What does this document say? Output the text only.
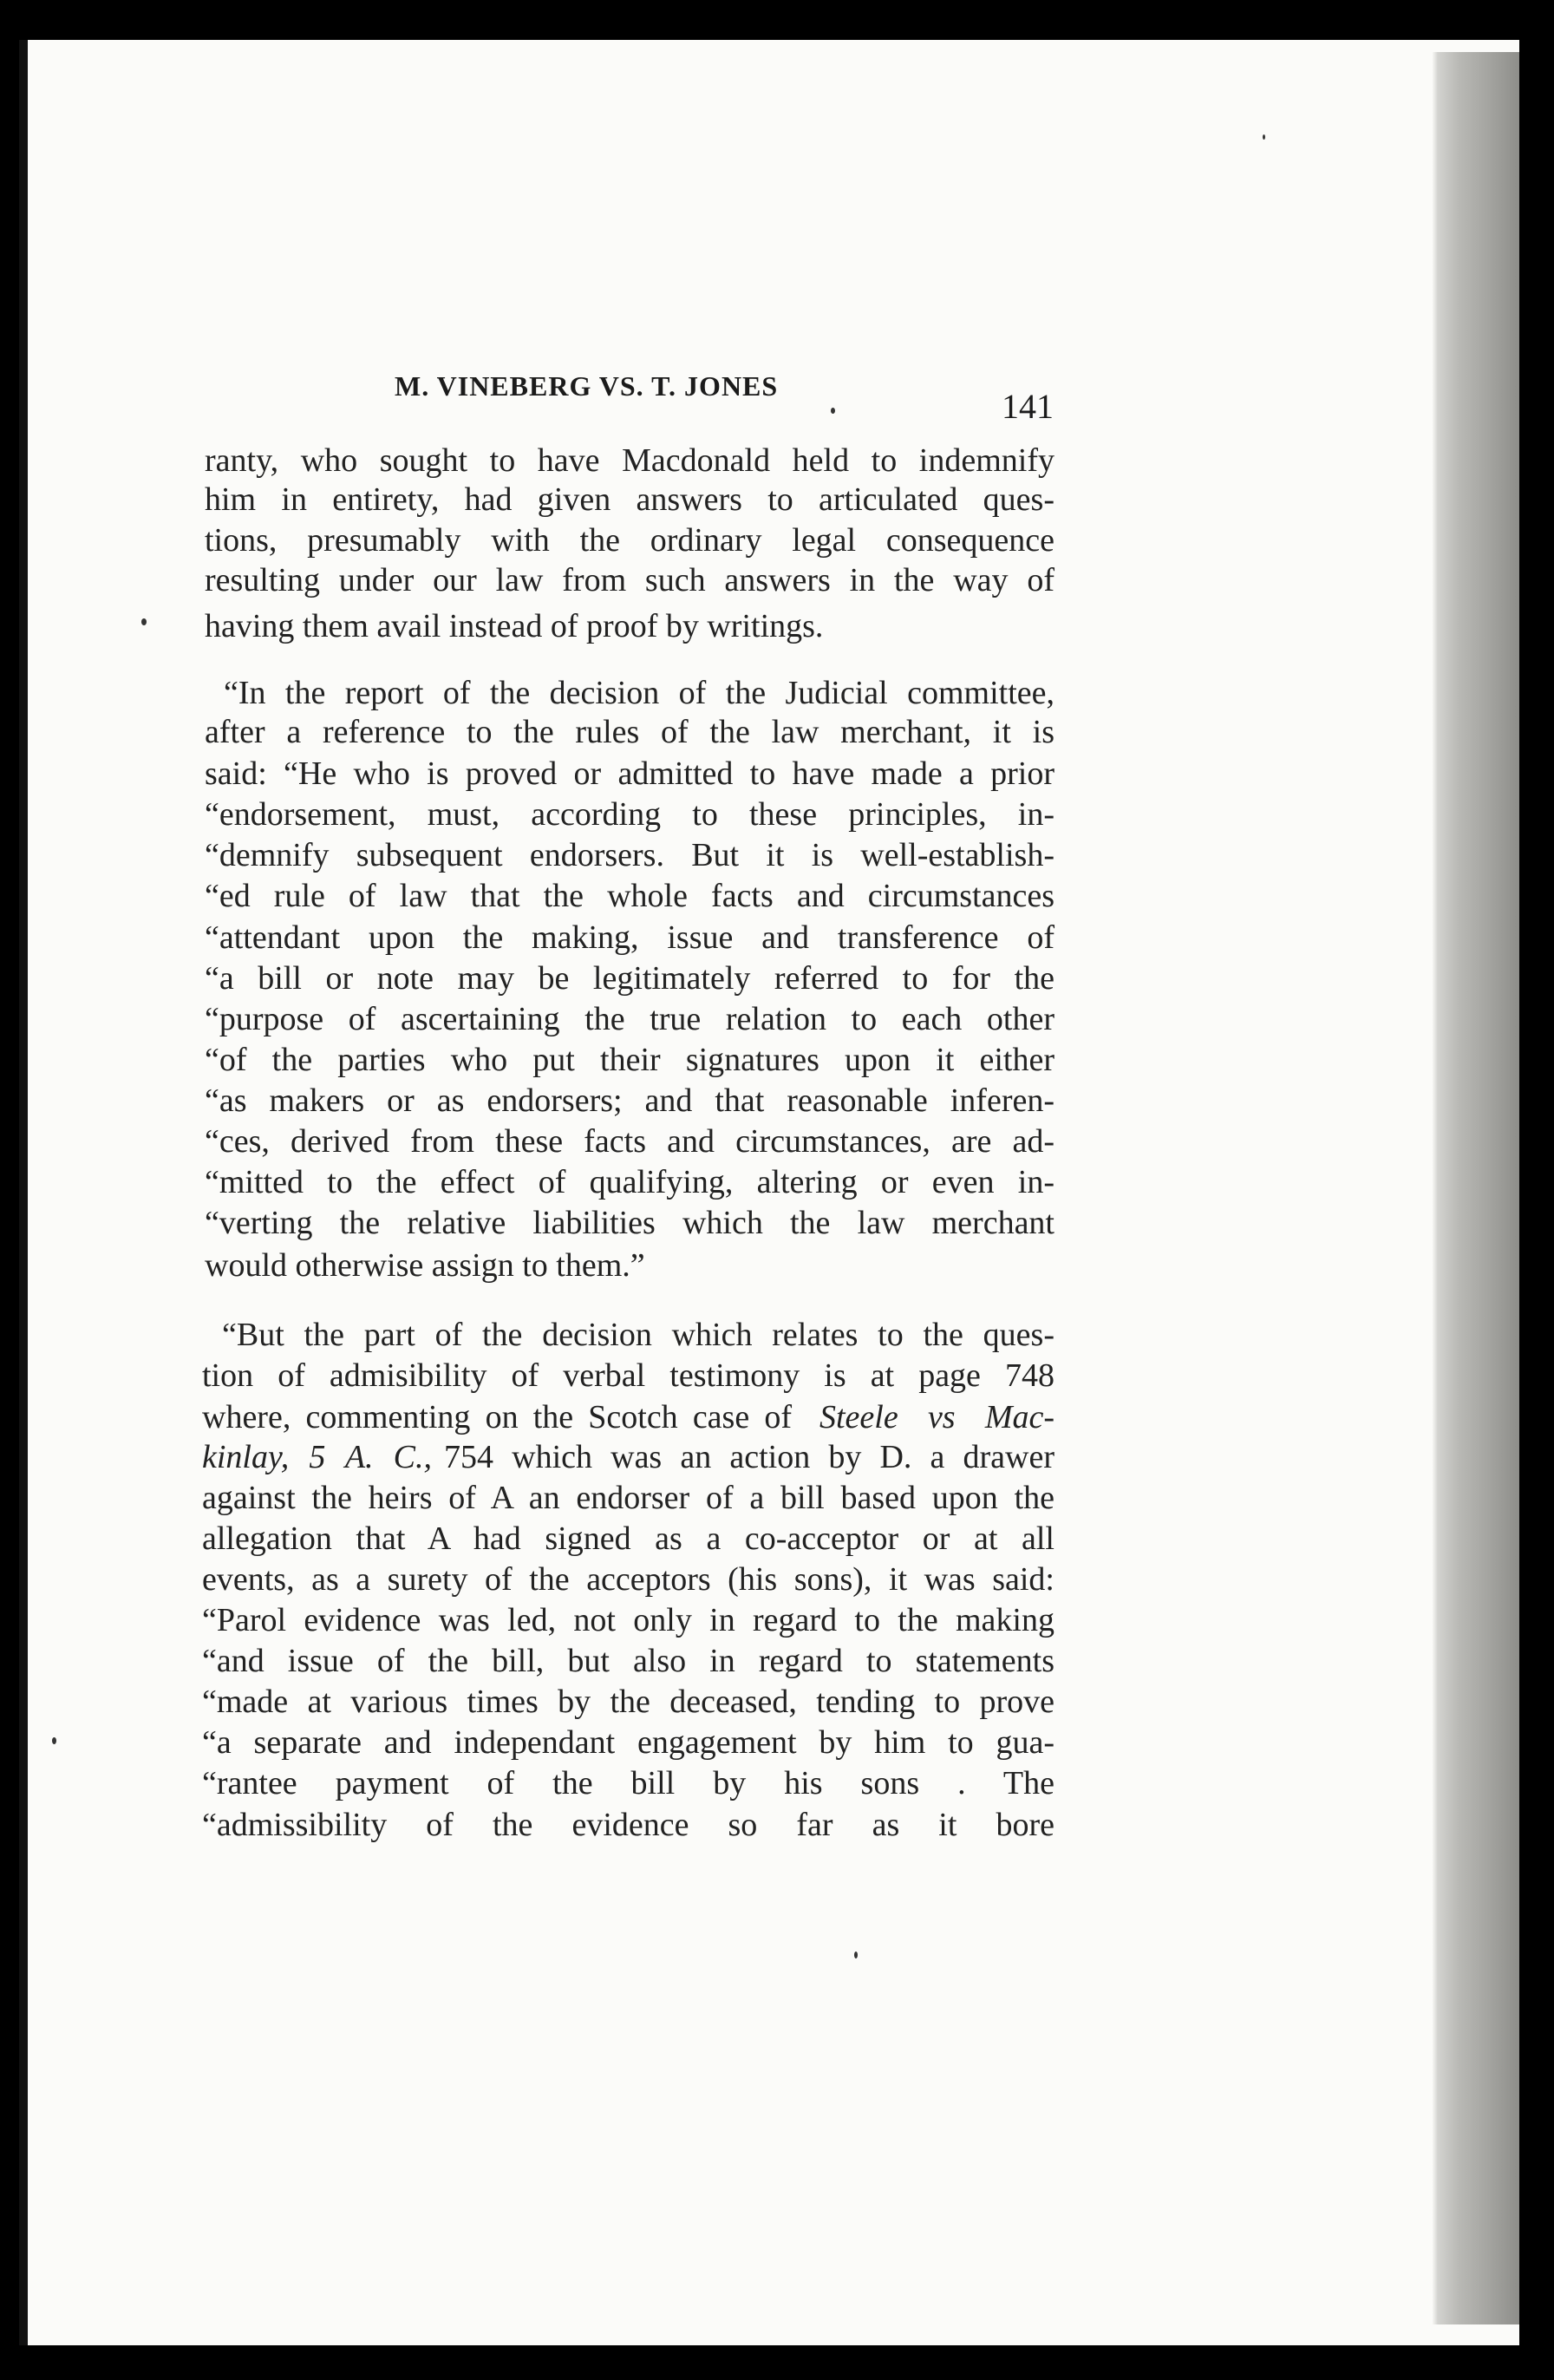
M. VINEBERG VS. T. JONES
141
ranty, who sought to have Macdonald held to indemnify
him in entirety, had given answers to articulated ques-
tions, presumably with the ordinary legal consequence
resulting under our law from such answers in the way of
having them avail instead of proof by writings.
“In the report of the decision of the Judicial committee,
after a reference to the rules of the law merchant, it is
said: “He who is proved or admitted to have made a prior
“endorsement, must, according to these principles, in-
“demnify subsequent endorsers. But it is well-establish-
“ed rule of law that the whole facts and circumstances
“attendant upon the making, issue and transference of
“a bill or note may be legitimately referred to for the
“purpose of ascertaining the true relation to each other
“of the parties who put their signatures upon it either
“as makers or as endorsers; and that reasonable inferen-
“ces, derived from these facts and circumstances, are ad-
“mitted to the effect of qualifying, altering or even in-
“verting the relative liabilities which the law merchant
would otherwise assign to them.”
“But the part of the decision which relates to the ques-
tion of admisibility of verbal testimony is at page 748
where, commenting on the Scotch case of Steele vs Mac-
kinlay, 5 A. C., 754 which was an action by D. a drawer
against the heirs of A an endorser of a bill based upon the
allegation that A had signed as a co-acceptor or at all
events, as a surety of the acceptors (his sons), it was said:
“Parol evidence was led, not only in regard to the making
“and issue of the bill, but also in regard to statements
“made at various times by the deceased, tending to prove
“a separate and independant engagement by him to gua-
“rantee payment of the bill by his sons . The
“admissibility of the evidence so far as it bore
